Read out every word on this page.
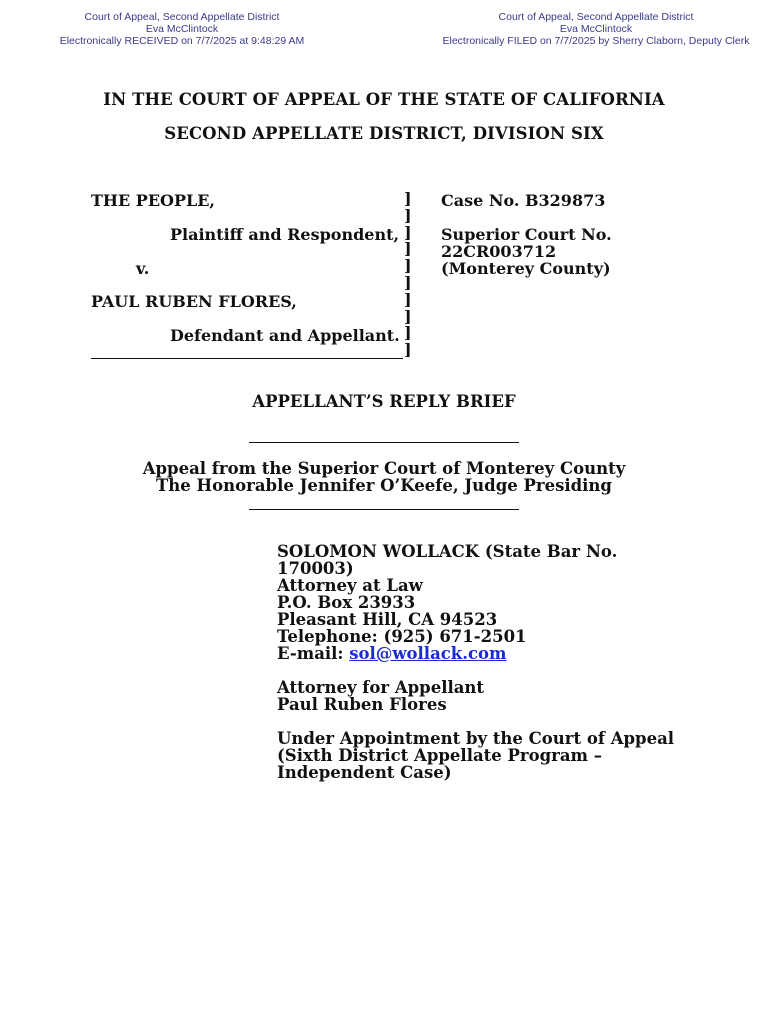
Court of Appeal, Second Appellate District
Eva McClintock
Electronically RECEIVED on 7/7/2025 at 9:48:29 AM
Court of Appeal, Second Appellate District
Eva McClintock
Electronically FILED on 7/7/2025 by Sherry Claborn, Deputy Clerk
IN THE COURT OF APPEAL OF THE STATE OF CALIFORNIA
SECOND APPELLATE DISTRICT, DIVISION SIX
THE PEOPLE,
Plaintiff and Respondent,
v.
PAUL RUBEN FLORES,
Defendant and Appellant.
]
]
]
]
]
]
]
]
]
]
Case No. B329873
Superior Court No.
22CR003712
(Monterey County)
APPELLANT’S REPLY BRIEF
Appeal from the Superior Court of Monterey County
The Honorable Jennifer O’Keefe, Judge Presiding
SOLOMON WOLLACK (State Bar No. 170003)
Attorney at Law
P.O. Box 23933
Pleasant Hill, CA 94523
Telephone: (925) 671-2501
E-mail: sol@wollack.com
Attorney for Appellant
Paul Ruben Flores
Under Appointment by the Court of Appeal
(Sixth District Appellate Program –
Independent Case)
